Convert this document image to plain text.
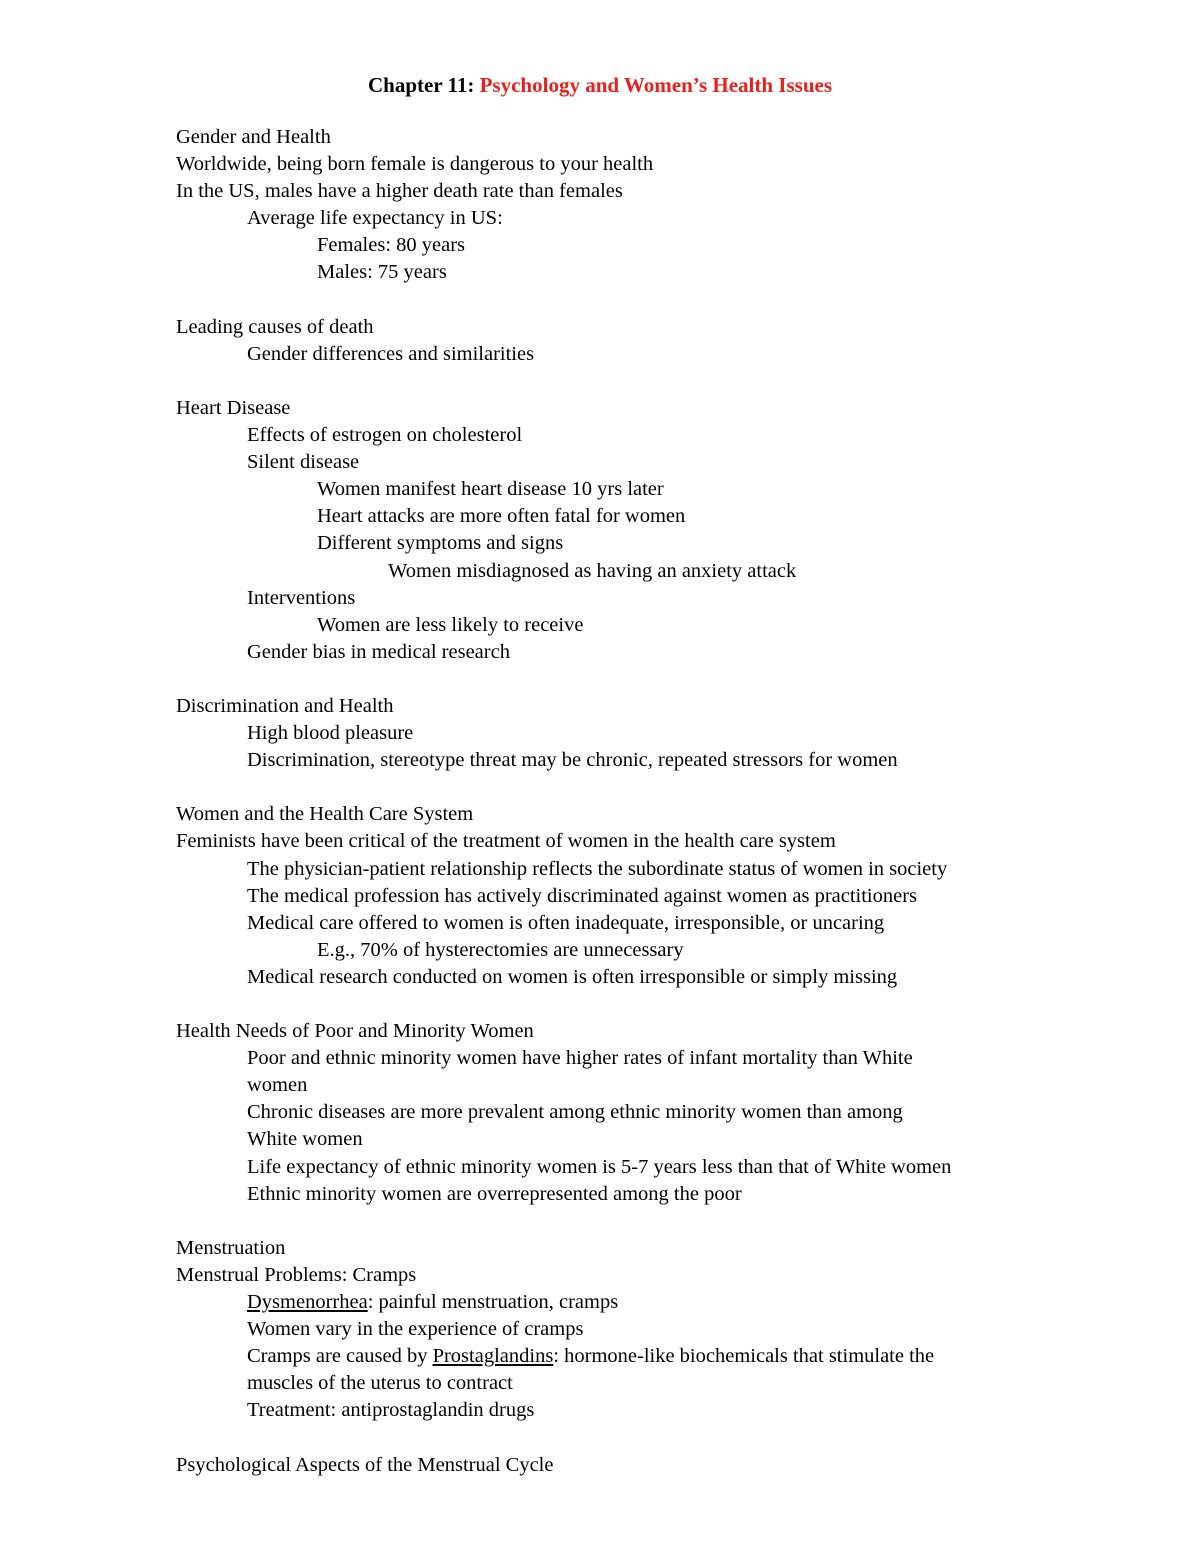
Chapter 11: Psychology and Women’s Health Issues
Gender and Health
Worldwide, being born female is dangerous to your health
In the US, males have a higher death rate than females
Average life expectancy in US:
Females: 80 years
Males: 75 years
Leading causes of death
Gender differences and similarities
Heart Disease
Effects of estrogen on cholesterol
Silent disease
Women manifest heart disease 10 yrs later
Heart attacks are more often fatal for women
Different symptoms and signs
Women misdiagnosed as having an anxiety attack
Interventions
Women are less likely to receive
Gender bias in medical research
Discrimination and Health
High blood pleasure
Discrimination, stereotype threat may be chronic, repeated stressors for women
Women and the Health Care System
Feminists have been critical of the treatment of women in the health care system
The physician-patient relationship reflects the subordinate status of women in society
The medical profession has actively discriminated against women as practitioners
Medical care offered to women is often inadequate, irresponsible, or uncaring
E.g., 70% of hysterectomies are unnecessary
Medical research conducted on women is often irresponsible or simply missing
Health Needs of Poor and Minority Women
Poor and ethnic minority women have higher rates of infant mortality than White
women
Chronic diseases are more prevalent among ethnic minority women than among
White women
Life expectancy of ethnic minority women is 5-7 years less than that of White women
Ethnic minority women are overrepresented among the poor
Menstruation
Menstrual Problems: Cramps
Dysmenorrhea: painful menstruation, cramps
Women vary in the experience of cramps
Cramps are caused by Prostaglandins: hormone-like biochemicals that stimulate the
muscles of the uterus to contract
Treatment: antiprostaglandin drugs
Psychological Aspects of the Menstrual Cycle
